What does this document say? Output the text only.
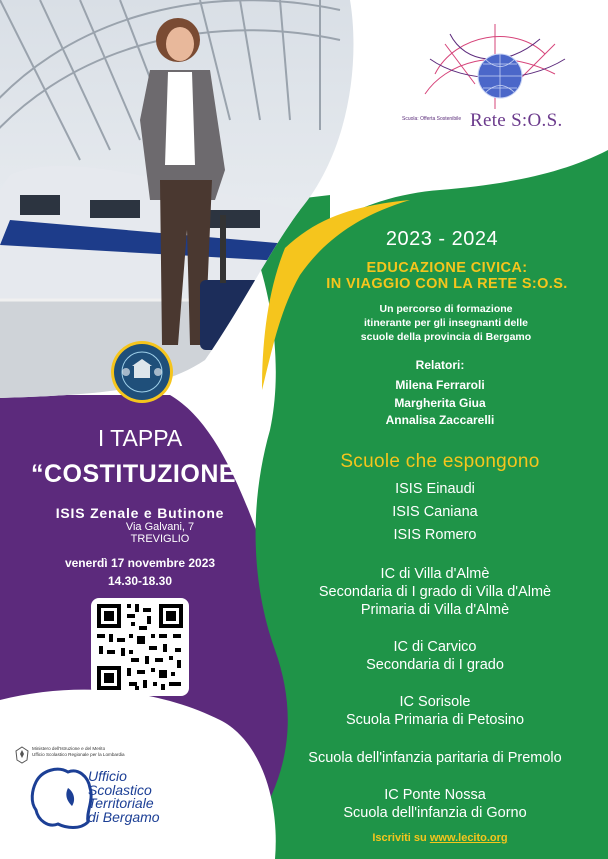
Scuola: Offerta Sostenibile Rete S:O.S.
2023 - 2024
EDUCAZIONE CIVICA:
IN VIAGGIO CON LA RETE S:O.S.
Un percorso di formazione
itinerante per gli insegnanti delle
scuole della provincia di Bergamo
Relatori:
Milena Ferraroli
Margherita Giua
Annalisa Zaccarelli
Scuole che espongono
ISIS Einaudi
ISIS Caniana
ISIS Romero
IC di Villa d'Almè
Secondaria di I grado di Villa d'Almè
Primaria di Villa d'Almè
IC di Carvico
Secondaria di I grado
IC Sorisole
Scuola Primaria di Petosino
Scuola dell'infanzia paritaria di Premolo
IC Ponte Nossa
Scuola dell'infanzia di Gorno
Iscriviti su www.lecito.org
I TAPPA
“COSTITUZIONE”
ISIS Zenale e Butinone
Via Galvani, 7
TREVIGLIO
venerdì 17 novembre 2023
14.30-18.30
Ministero dell'Istruzione e del Merito
Ufficio Scolastico Regionale per la Lombardia
Ufficio
Scolastico
Territoriale
di Bergamo
